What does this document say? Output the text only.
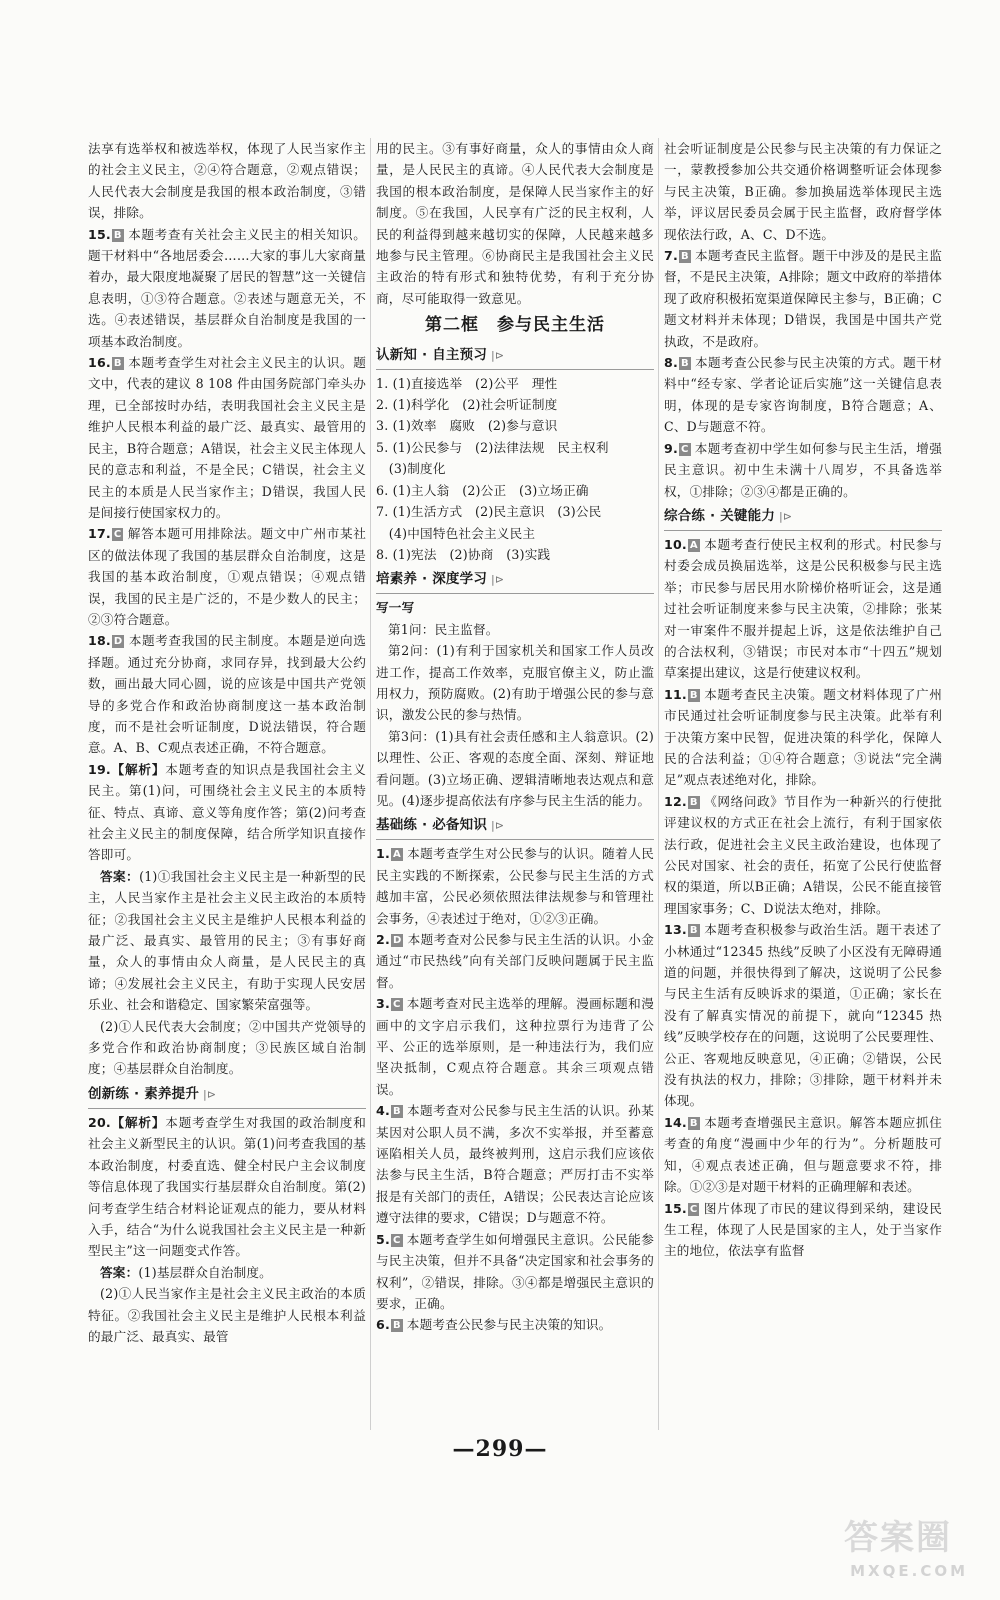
法享有选举权和被选举权，体现了人民当家作主的社会主义民主，②④符合题意，②观点错误；人民代表大会制度是我国的根本政治制度，③错误，排除。

15. B 本题考查有关社会主义民主的相关知识。题干材料中“各地居委会……大家的事儿大家商量着办，最大限度地凝聚了居民的智慧”这一关键信息表明，①③符合题意。②表述与题意无关，不选。④表述错误，基层群众自治制度是我国的一项基本政治制度。

16. B 本题考查学生对社会主义民主的认识。题文中，代表的建议 8 108 件由国务院部门牵头办理，已全部按时办结，表明我国社会主义民主是维护人民根本利益的最广泛、最真实、最管用的民主，B符合题意；A错误，社会主义民主体现人民的意志和利益，不是全民；C错误，社会主义民主的本质是人民当家作主；D错误，我国人民是间接行使国家权力的。

17. C 解答本题可用排除法。题文中广州市某社区的做法体现了我国的基层群众自治制度，这是我国的基本政治制度，①观点错误；④观点错误，我国的民主是广泛的，不是少数人的民主；②③符合题意。

18. D 本题考查我国的民主制度。本题是逆向选择题。通过充分协商，求同存异，找到最大公约数，画出最大同心圆，说的应该是中国共产党领导的多党合作和政治协商制度这一基本政治制度，而不是社会听证制度，D说法错误，符合题意。A、B、C观点表述正确，不符合题意。

19.【解析】本题考查的知识点是我国社会主义民主。第(1)问，可围绕社会主义民主的本质特征、特点、真谛、意义等角度作答；第(2)问考查社会主义民主的制度保障，结合所学知识直接作答即可。

答案：(1)①我国社会主义民主是一种新型的民主，人民当家作主是社会主义民主政治的本质特征；②我国社会主义民主是维护人民根本利益的最广泛、最真实、最管用的民主；③有事好商量，众人的事情由众人商量，是人民民主的真谛；④发展社会主义民主，有助于实现人民安居乐业、社会和谐稳定、国家繁荣富强等。

(2)①人民代表大会制度；②中国共产党领导的多党合作和政治协商制度；③民族区域自治制度；④基层群众自治制度。

创新练 · 素养提升 |⊳

20.【解析】本题考查学生对我国的政治制度和社会主义新型民主的认识。第(1)问考查我国的基本政治制度，村委直选、健全村民户主会议制度等信息体现了我国实行基层群众自治制度。第(2)问考查学生结合材料论证观点的能力，要从材料入手，结合“为什么说我国社会主义民主是一种新型民主”这一问题变式作答。

答案：(1)基层群众自治制度。

(2)①人民当家作主是社会主义民主政治的本质特征。②我国社会主义民主是维护人民根本利益的最广泛、最真实、最管

用的民主。③有事好商量，众人的事情由众人商量，是人民民主的真谛。④人民代表大会制度是我国的根本政治制度，是保障人民当家作主的好制度。⑤在我国，人民享有广泛的民主权利，人民的利益得到越来越切实的保障，人民越来越多地参与民主管理。⑥协商民主是我国社会主义民主政治的特有形式和独特优势，有利于充分协商，尽可能取得一致意见。

第二框　参与民主生活
认新知 · 自主预习 |⊳

1. (1)直接选举　(2)公平　理性

2. (1)科学化　(2)社会听证制度

3. (1)效率　腐败　(2)参与意识

5. (1)公民参与　(2)法律法规　民主权利

　(3)制度化

6. (1)主人翁　(2)公正　(3)立场正确

7. (1)生活方式　(2)民主意识　(3)公民

　(4)中国特色社会主义民主

8. (1)宪法　(2)协商　(3)实践

培素养 · 深度学习 |⊳

写一写

第1问：民主监督。

第2问：(1)有利于国家机关和国家工作人员改进工作，提高工作效率，克服官僚主义，防止滥用权力，预防腐败。(2)有助于增强公民的参与意识，激发公民的参与热情。

第3问：(1)具有社会责任感和主人翁意识。(2)以理性、公正、客观的态度全面、深刻、辩证地看问题。(3)立场正确、逻辑清晰地表达观点和意见。(4)逐步提高依法有序参与民主生活的能力。

基础练 · 必备知识 |⊳

1. A 本题考查学生对公民参与的认识。随着人民民主实践的不断探索，公民参与民主生活的方式越加丰富，公民必须依照法律法规参与和管理社会事务，④表述过于绝对，①②③正确。

2. D 本题考查对公民参与民主生活的认识。小金通过“市民热线”向有关部门反映问题属于民主监督。

3. C 本题考查对民主选举的理解。漫画标题和漫画中的文字启示我们，这种拉票行为违背了公平、公正的选举原则，是一种违法行为，我们应坚决抵制，C观点符合题意。其余三项观点错误。

4. B 本题考查对公民参与民主生活的认识。孙某某因对公职人员不满，多次不实举报，并至蓄意诬陷相关人员，最终被判刑，这启示我们应该依法参与民主生活，B符合题意；严厉打击不实举报是有关部门的责任，A错误；公民表达言论应该遵守法律的要求，C错误；D与题意不符。

5. C 本题考查学生如何增强民主意识。公民能参与民主决策，但并不具备“决定国家和社会事务的权利”，②错误，排除。③④都是增强民主意识的要求，正确。

6. B 本题考查公民参与民主决策的知识。

社会听证制度是公民参与民主决策的有力保证之一，蒙教授参加公共交通价格调整听证会体现参与民主决策，B正确。参加换届选举体现民主选举，评议居民委员会属于民主监督，政府督学体现依法行政，A、C、D不选。

7. B 本题考查民主监督。题干中涉及的是民主监督，不是民主决策，A排除；题文中政府的举措体现了政府积极拓宽渠道保障民主参与，B正确；C题文材料并未体现；D错误，我国是中国共产党执政，不是政府。

8. B 本题考查公民参与民主决策的方式。题干材料中“经专家、学者论证后实施”这一关键信息表明，体现的是专家咨询制度，B符合题意；A、C、D与题意不符。

9. C 本题考查初中学生如何参与民主生活，增强民主意识。初中生未满十八周岁，不具备选举权，①排除；②③④都是正确的。

综合练 · 关键能力 |⊳

10. A 本题考查行使民主权利的形式。村民参与村委会成员换届选举，这是公民积极参与民主选举；市民参与居民用水阶梯价格听证会，这是通过社会听证制度来参与民主决策，②排除；张某对一审案件不服并提起上诉，这是依法维护自己的合法权利，③错误；市民对本市“十四五”规划草案提出建议，这是行使建议权利。

11. B 本题考查民主决策。题文材料体现了广州市民通过社会听证制度参与民主决策。此举有利于决策方案中民智，促进决策的科学化，保障人民的合法利益；①④符合题意；③说法“完全满足”观点表述绝对化，排除。

12. B 《网络问政》节目作为一种新兴的行使批评建议权的方式正在社会上流行，有利于国家依法行政，促进社会主义民主政治建设，也体现了公民对国家、社会的责任，拓宽了公民行使监督权的渠道，所以B正确；A错误，公民不能直接管理国家事务；C、D说法太绝对，排除。

13. B 本题考查积极参与政治生活。题干表述了小林通过“12345 热线”反映了小区没有无障碍通道的问题，并很快得到了解决，这说明了公民参与民主生活有反映诉求的渠道，①正确；家长在没有了解真实情况的前提下，就向“12345 热线”反映学校存在的问题，这说明了公民要理性、公正、客观地反映意见，④正确；②错误，公民没有执法的权力，排除；③排除，题干材料并未体现。

14. B 本题考查增强民主意识。解答本题应抓住考查的角度“漫画中少年的行为”。分析题肢可知，④观点表述正确，但与题意要求不符，排除。①②③是对题干材料的正确理解和表述。

15. C 图片体现了市民的建议得到采纳，建设民生工程，体现了人民是国家的主人，处于当家作主的地位，依法享有监督

—299—
答案圈
MXQE.COM
